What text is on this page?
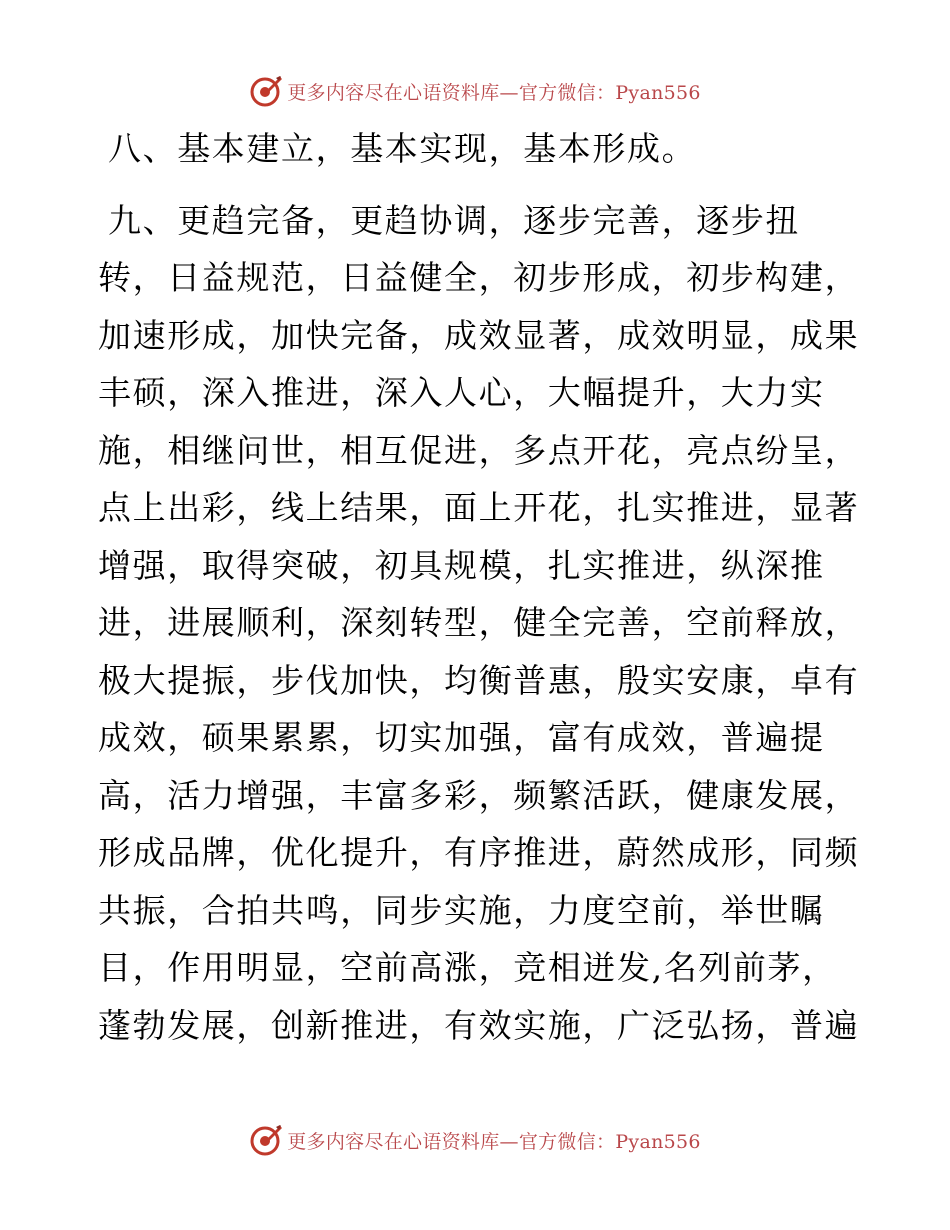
更多内容尽在心语资料库—官方微信：Pyan556

八、基本建立，基本实现，基本形成。

九、更趋完备，更趋协调，逐步完善，逐步扭
转，日益规范，日益健全，初步形成，初步构建，
加速形成，加快完备，成效显著，成效明显，成果
丰硕，深入推进，深入人心，大幅提升，大力实
施，相继问世，相互促进，多点开花，亮点纷呈，
点上出彩，线上结果，面上开花，扎实推进，显著
增强，取得突破，初具规模，扎实推进，纵深推
进，进展顺利，深刻转型，健全完善，空前释放，
极大提振，步伐加快，均衡普惠，殷实安康，卓有
成效，硕果累累，切实加强，富有成效，普遍提
高，活力增强，丰富多彩，频繁活跃，健康发展，
形成品牌，优化提升，有序推进，蔚然成形，同频
共振，合拍共鸣，同步实施，力度空前，举世瞩
目，作用明显，空前高涨，竞相迸发,名列前茅，
蓬勃发展，创新推进，有效实施，广泛弘扬，普遍
更多内容尽在心语资料库—官方微信：Pyan556
